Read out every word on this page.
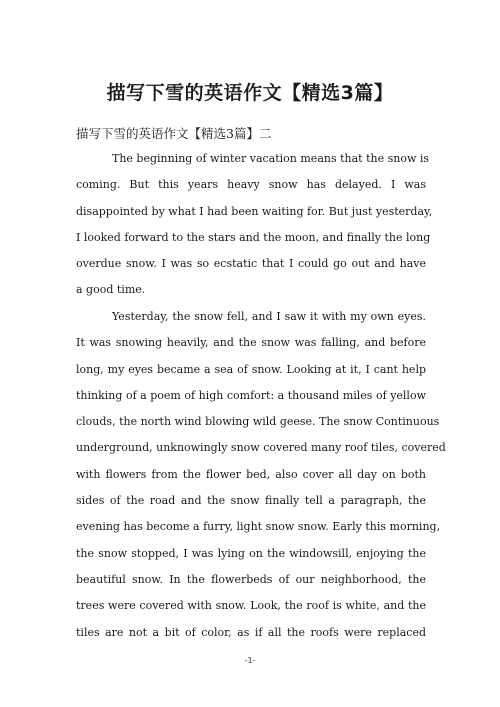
描写下雪的英语作文【精选3篇】

描写下雪的英语作文【精选3篇】二

The beginning of winter vacation means that the snow is
coming. But this years heavy snow has delayed. I was
disappointed by what I had been waiting for. But just yesterday,
I looked forward to the stars and the moon, and finally the long
overdue snow. I was so ecstatic that I could go out and have
a good time.
Yesterday, the snow fell, and I saw it with my own eyes.
It was snowing heavily, and the snow was falling, and before
long, my eyes became a sea of snow. Looking at it, I cant help
thinking of a poem of high comfort: a thousand miles of yellow
clouds, the north wind blowing wild geese. The snow Continuous
underground, unknowingly snow covered many roof tiles, covered
with flowers from the flower bed, also cover all day on both
sides of the road and the snow finally tell a paragraph, the
evening has become a furry, light snow snow. Early this morning,
the snow stopped, I was lying on the windowsill, enjoying the
beautiful snow. In the flowerbeds of our neighborhood, the
trees were covered with snow. Look, the roof is white, and the
tiles are not a bit of color, as if all the roofs were replaced

-1-
